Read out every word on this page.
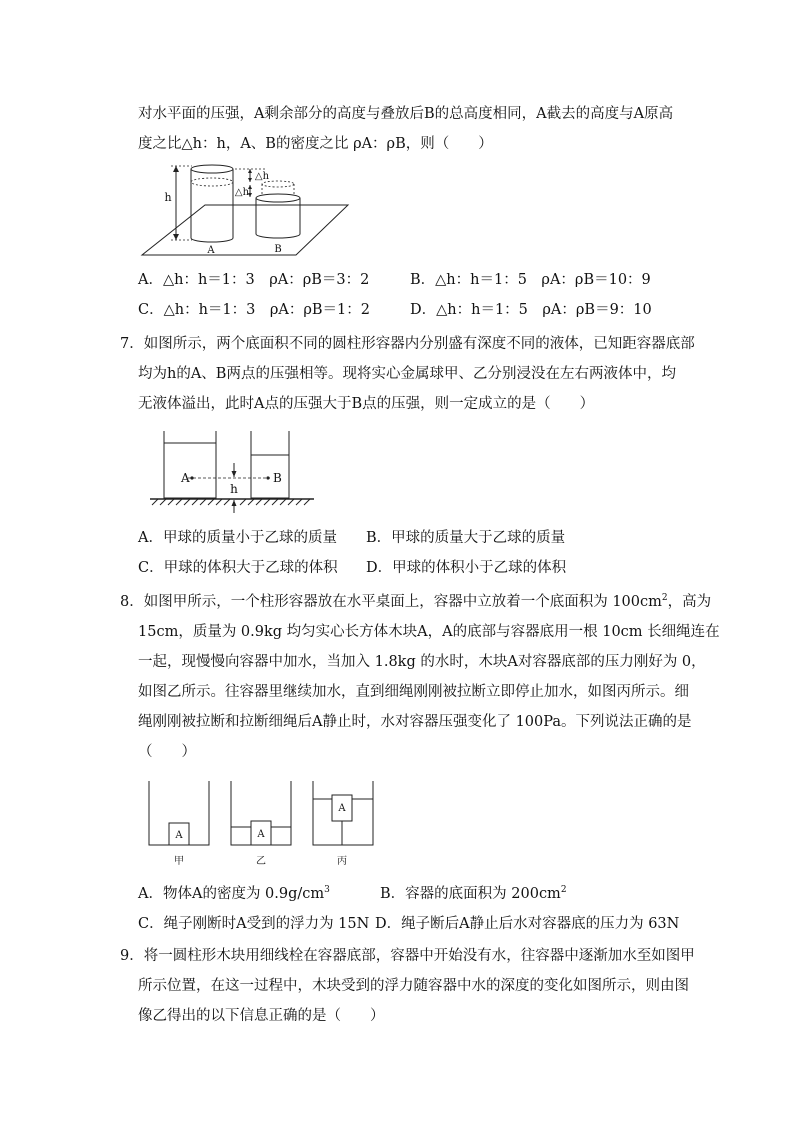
对水平面的压强，A剩余部分的高度与叠放后B的总高度相同，A截去的高度与A原高
度之比△h：h，A、B的密度之比 ρA：ρB，则（　　）
h
A
△h
△h
B
A．△h：h＝1：3　ρA：ρB＝3：2	B．△h：h＝1：5　ρA：ρB＝10：9
C．△h：h＝1：3　ρA：ρB＝1：2	D．△h：h＝1：5　ρA：ρB＝9：10
7．如图所示，两个底面积不同的圆柱形容器内分别盛有深度不同的液体，已知距容器底部
均为h的A、B两点的压强相等。现将实心金属球甲、乙分别浸没在左右两液体中，均
无液体溢出，此时A点的压强大于B点的压强，则一定成立的是（　　）
A	B
h
A．甲球的质量小于乙球的质量 B．甲球的质量大于乙球的质量
C．甲球的体积大于乙球的体积 D．甲球的体积小于乙球的体积
8．如图甲所示，一个柱形容器放在水平桌面上，容器中立放着一个底面积为 $100cm^2$，高为
15cm，质量为 0.9kg 均匀实心长方体木块A，A的底部与容器底用一根 10cm 长细绳连在
一起，现慢慢向容器中加水，当加入 1.8kg 的水时，木块A对容器底部的压力刚好为 0，
如图乙所示。往容器里继续加水，直到细绳刚刚被拉断立即停止加水，如图丙所示。细
绳刚刚被拉断和拉断细绳后A静止时，水对容器压强变化了 100Pa。下列说法正确的是
（　　）
A
甲
A
乙
A
丙
A．物体A的密度为 $0.9g/cm^3$	B．容器的底面积为 $200cm^2$
C．绳子刚断时A受到的浮力为 15N D．绳子断后A静止后水对容器底的压力为 63N
9．将一圆柱形木块用细线栓在容器底部，容器中开始没有水，往容器中逐渐加水至如图甲
所示位置，在这一过程中，木块受到的浮力随容器中水的深度的变化如图所示，则由图
像乙得出的以下信息正确的是（　　）
